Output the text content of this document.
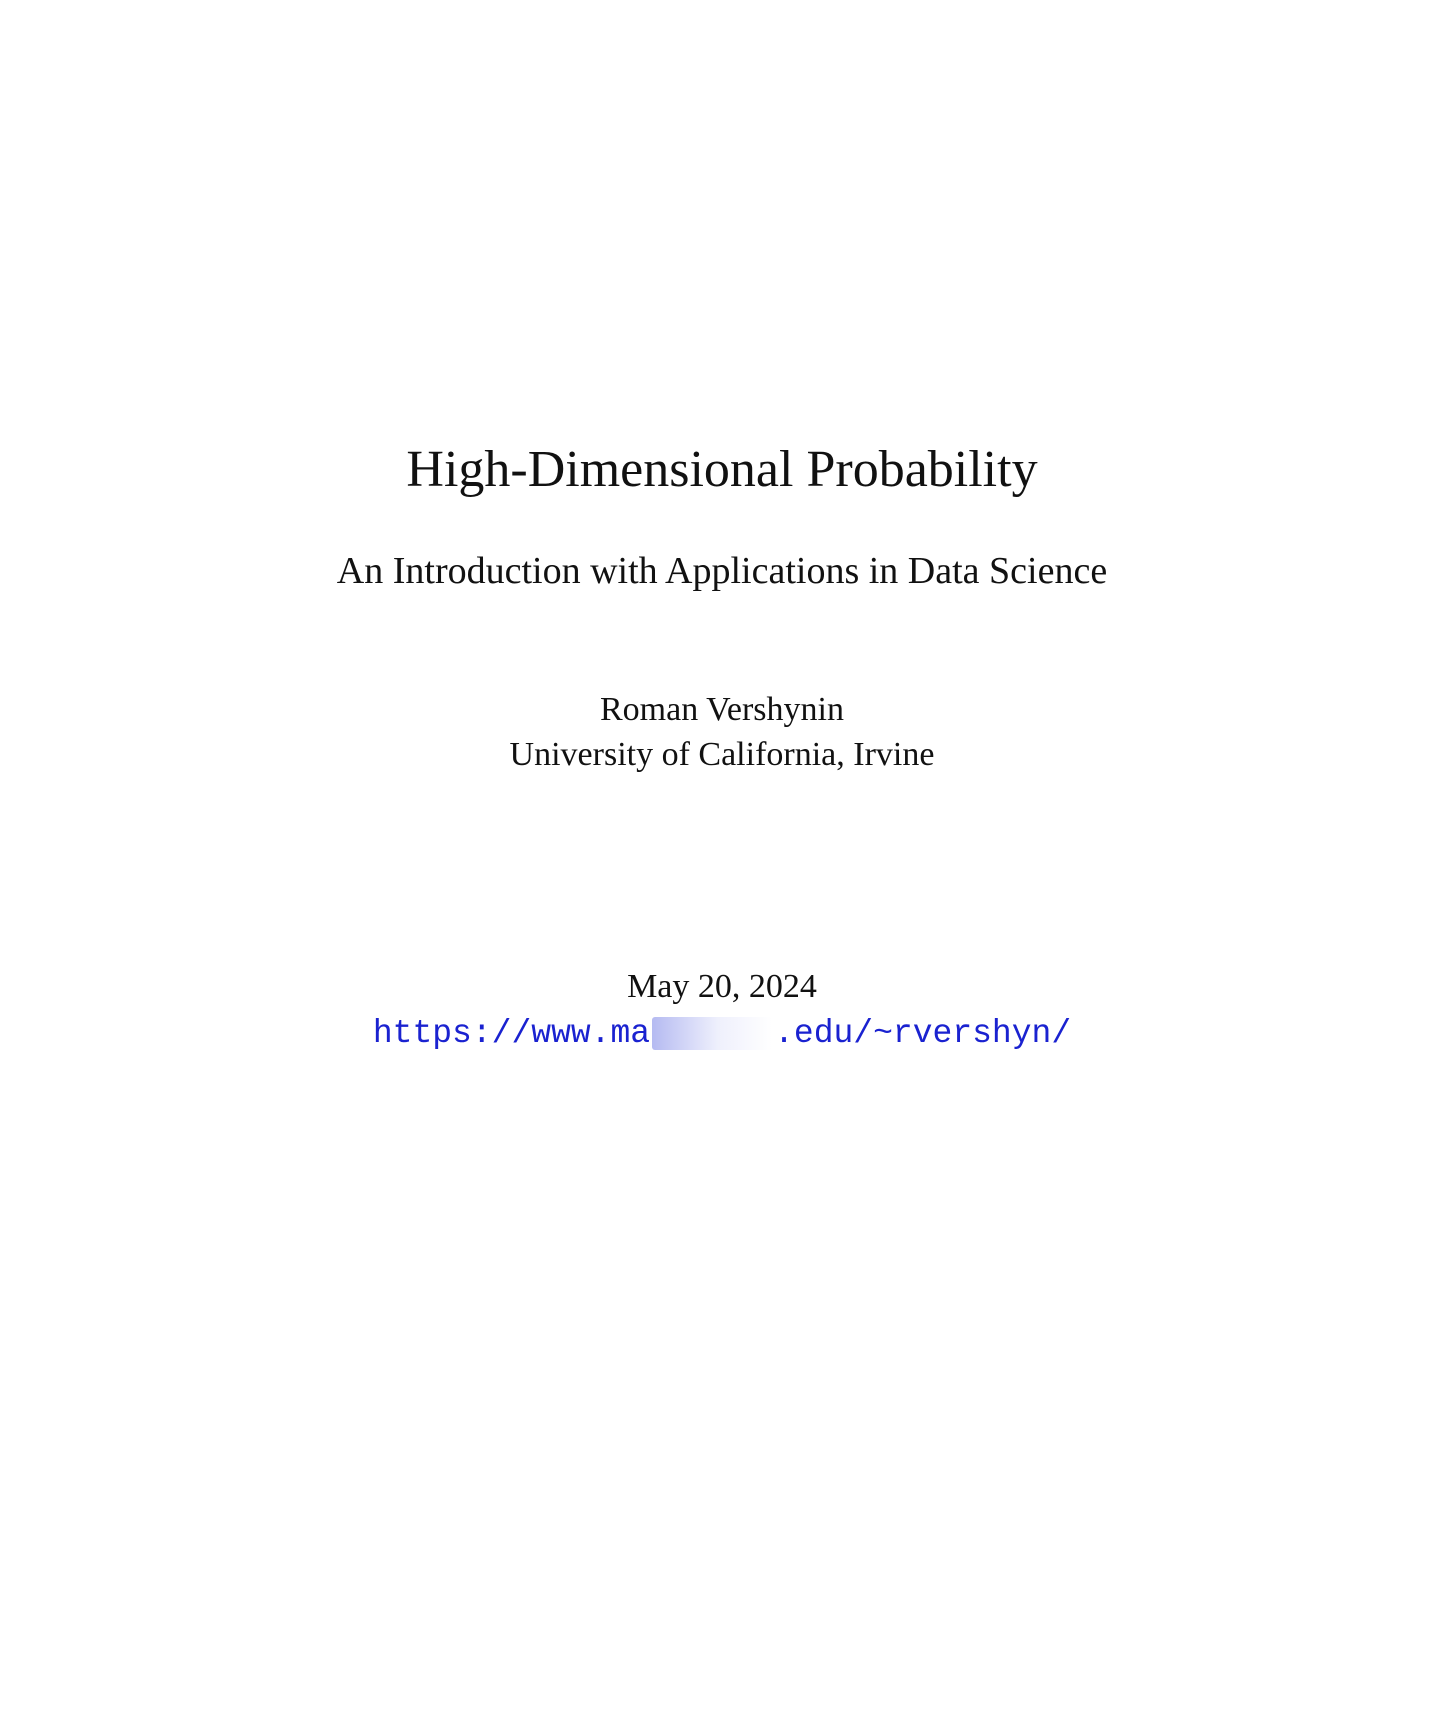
High-Dimensional Probability
An Introduction with Applications in Data Science
Roman Vershynin
University of California, Irvine
May 20, 2024
https://www.ma	.edu/~rvershyn/
